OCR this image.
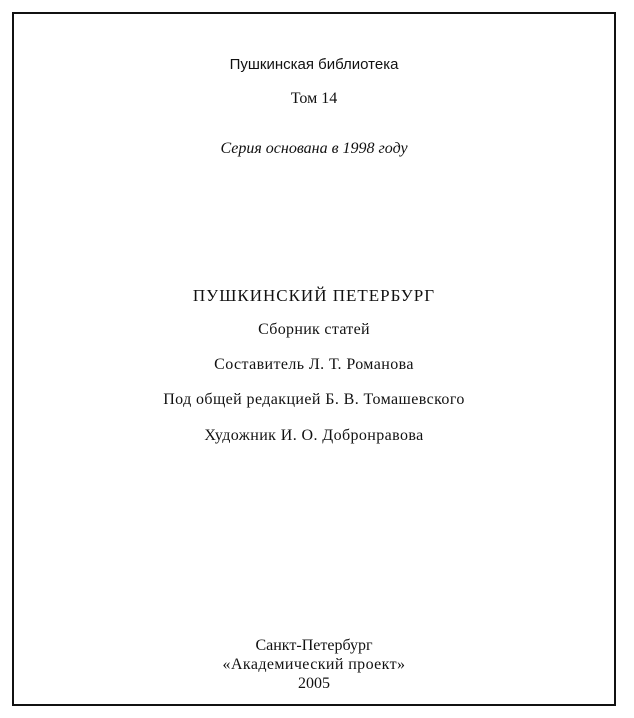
Пушкинская библиотека
Том 14
Серия основана в 1998 году
ПУШКИНСКИЙ ПЕТЕРБУРГ
Сборник статей
Составитель Л. Т. Романова
Под общей редакцией Б. В. Томашевского
Художник И. О. Добронравова
Санкт-Петербург
«Академический проект»
2005
